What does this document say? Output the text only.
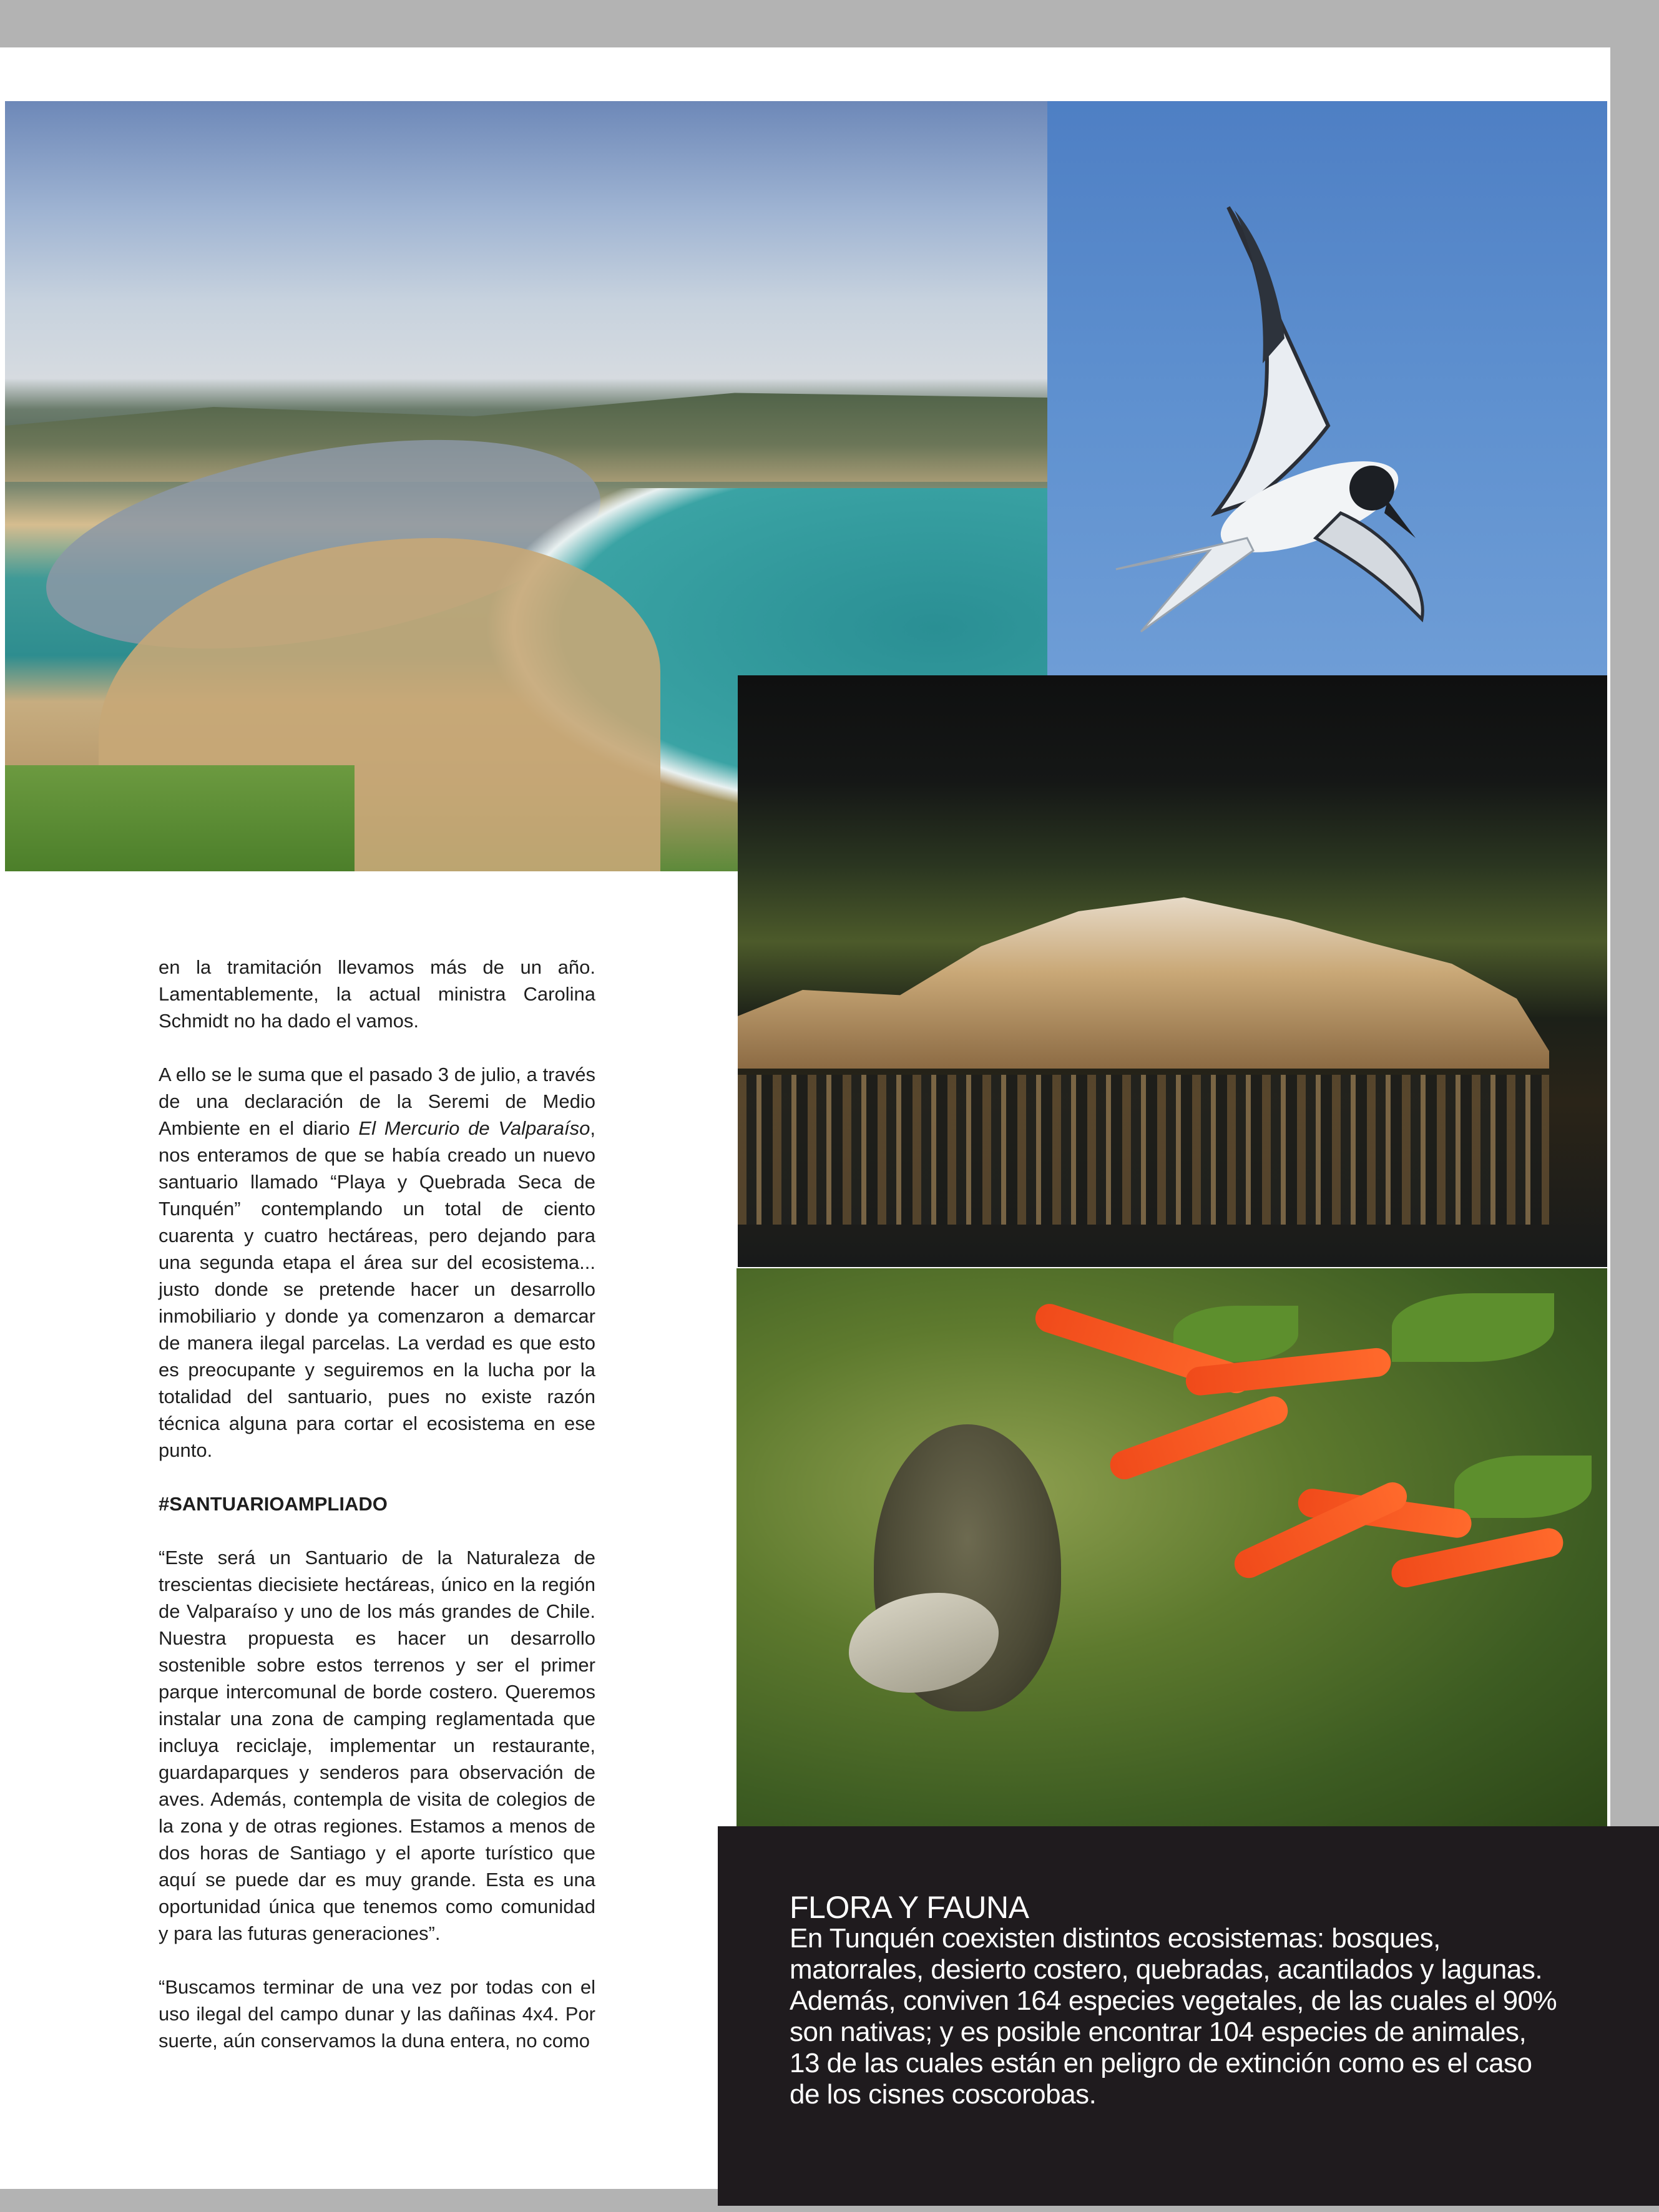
en la tramitación llevamos más de un año. Lamentablemente, la actual ministra Carolina Schmidt no ha dado el vamos.

A ello se le suma que el pasado 3 de julio, a través de una declaración de la Seremi de Medio Ambiente en el diario El Mercurio de Valparaíso, nos enteramos de que se había creado un nuevo santuario llamado “Playa y Quebrada Seca de Tunquén” contemplando un total de ciento cuarenta y cuatro hectáreas, pero dejando para una segunda etapa el área sur del ecosistema... justo donde se pretende hacer un desarrollo inmobiliario y donde ya comenzaron a demarcar de manera ilegal parcelas. La verdad es que esto es preocupante y seguiremos en la lucha por la totalidad del santuario, pues no existe razón técnica alguna para cortar el ecosistema en ese punto.

#SANTUARIOAMPLIADO

“Este será un Santuario de la Naturaleza de trescientas diecisiete hectáreas, único en la región de Valparaíso y uno de los más grandes de Chile. Nuestra propuesta es hacer un desarrollo sostenible sobre estos terrenos y ser el primer parque intercomunal de borde costero. Queremos instalar una zona de camping reglamentada que incluya reciclaje, implementar un restaurante, guardaparques y senderos para observación de aves. Además, contempla de visita de colegios de la zona y de otras regiones. Estamos a menos de dos horas de Santiago y el aporte turístico que aquí se puede dar es muy grande. Esta es una oportunidad única que tenemos como comunidad y para las futuras generaciones”.

“Buscamos terminar de una vez por todas con el uso ilegal del campo dunar y las dañinas 4x4. Por suerte, aún conservamos la duna entera, no como

FLORA Y FAUNA
En Tunquén coexisten distintos ecosistemas: bosques, matorrales, desierto costero, quebradas, acantilados y lagunas. Además, conviven 164 especies vegetales, de las cuales el 90% son nativas; y es posible encontrar 104 especies de animales, 13 de las cuales están en peligro de extinción como es el caso de los cisnes coscorobas.
